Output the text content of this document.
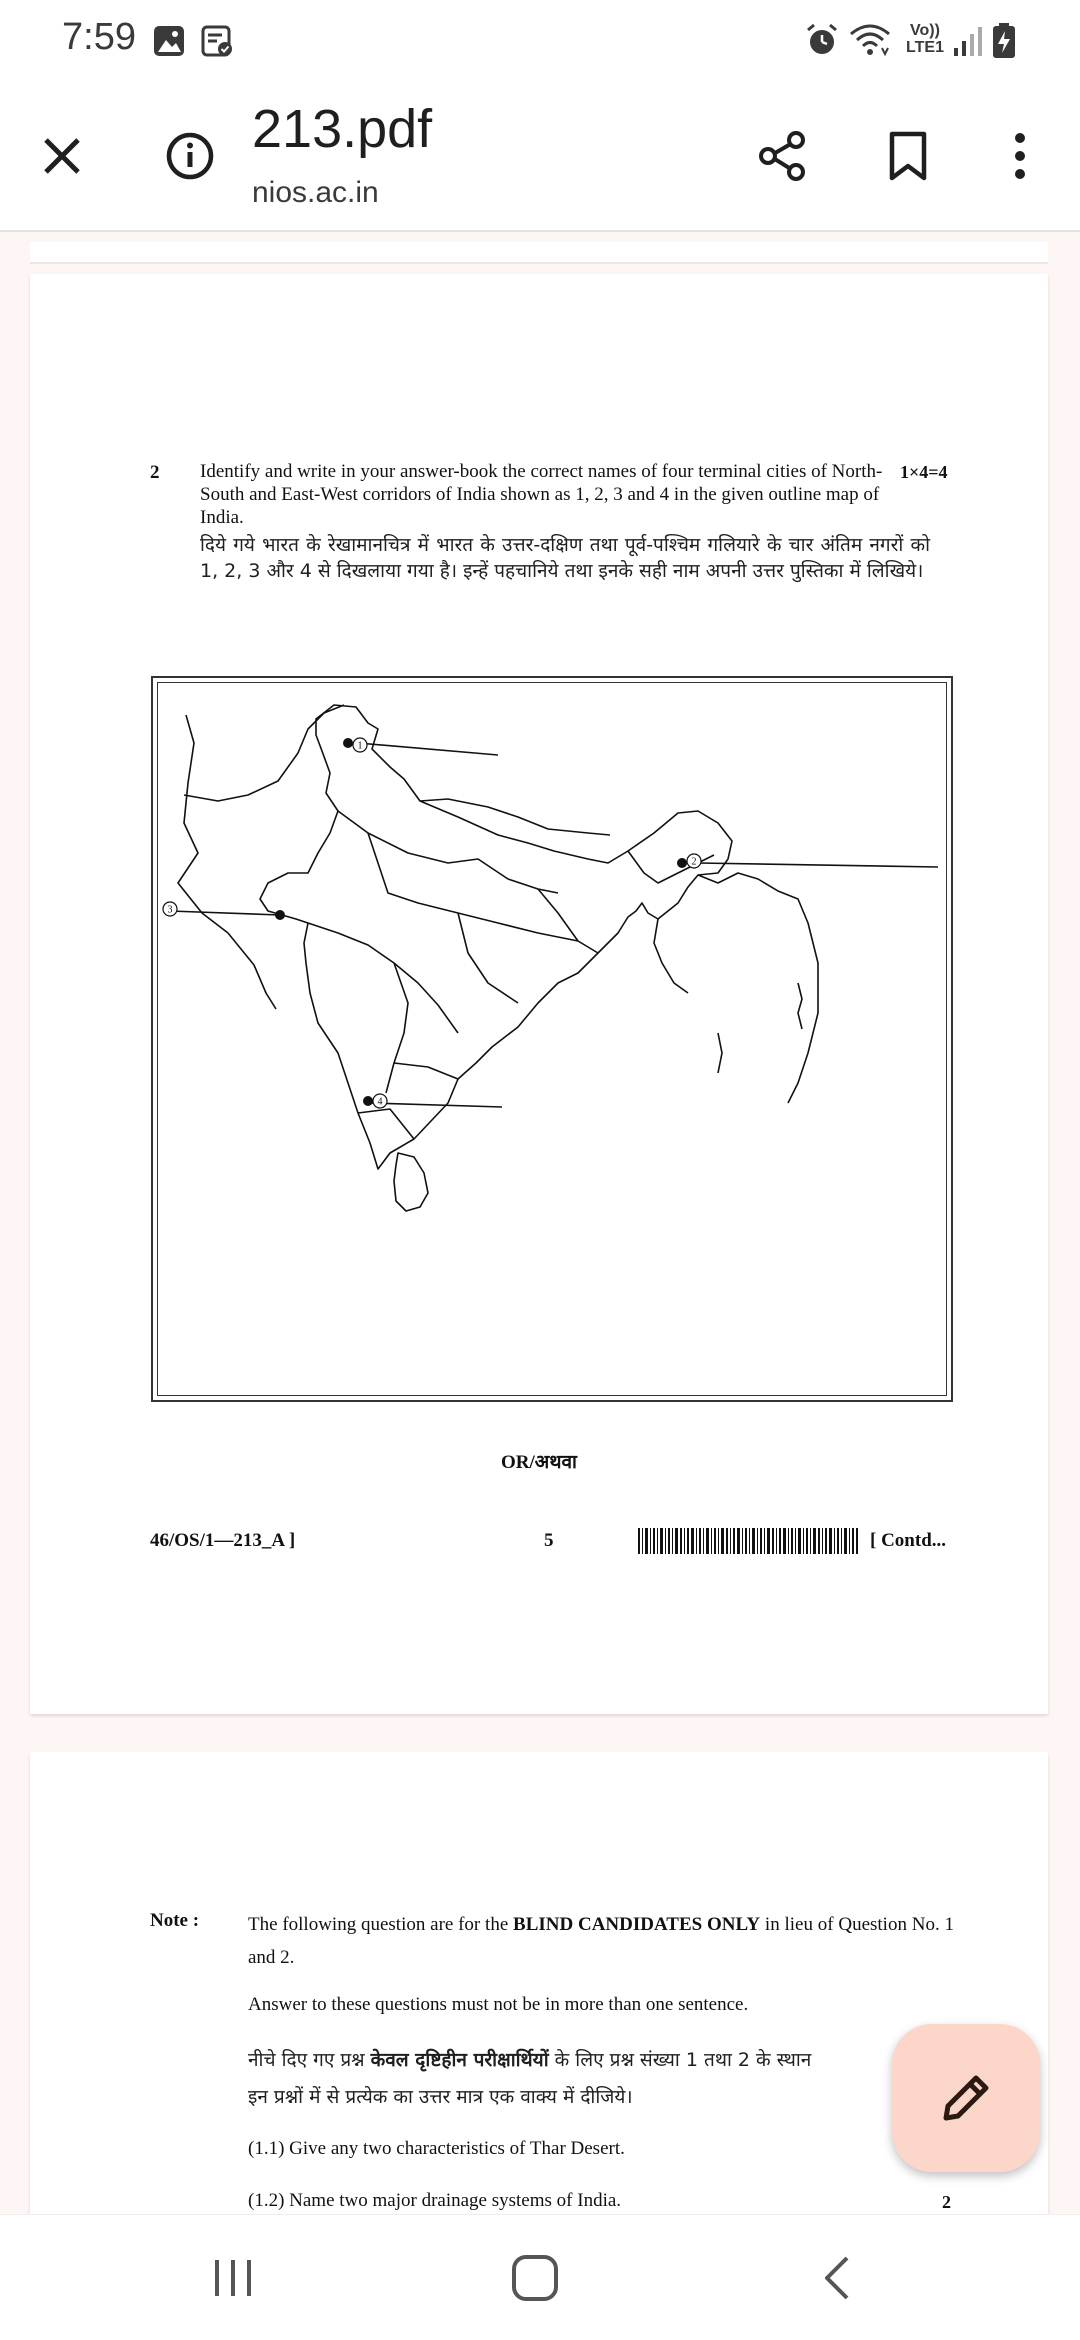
7:59	Vo))
LTE1
213.pdf
nios.ac.in
2 Identify and write in your answer-book the correct names of four terminal cities of North-South and East-West corridors of India shown as 1, 2, 3 and 4 in the given outline map of India.
1×4=4
दिये गये भारत के रेखामानचित्र में भारत के उत्तर-दक्षिण तथा पूर्व-पश्चिम गलियारे के चार अंतिम नगरों को 1, 2, 3 और 4 से दिखलाया गया है। इन्हें पहचानिये तथा इनके सही नाम अपनी उत्तर पुस्तिका में लिखिये।
1
2
3
4
OR/अथवा
46/OS/1—213_A ]	5	[ Contd...
Note :	The following question are for the BLIND CANDIDATES ONLY in lieu of Question No. 1 and 2.
Answer to these questions must not be in more than one sentence.
नीचे दिए गए प्रश्न केवल दृष्टिहीन परीक्षार्थियों के लिए प्रश्न संख्या 1 तथा 2 के स्थान
इन प्रश्नों में से प्रत्येक का उत्तर मात्र एक वाक्य में दीजिये।
(1.1) Give any two characteristics of Thar Desert.
(1.2) Name two major drainage systems of India.	2
